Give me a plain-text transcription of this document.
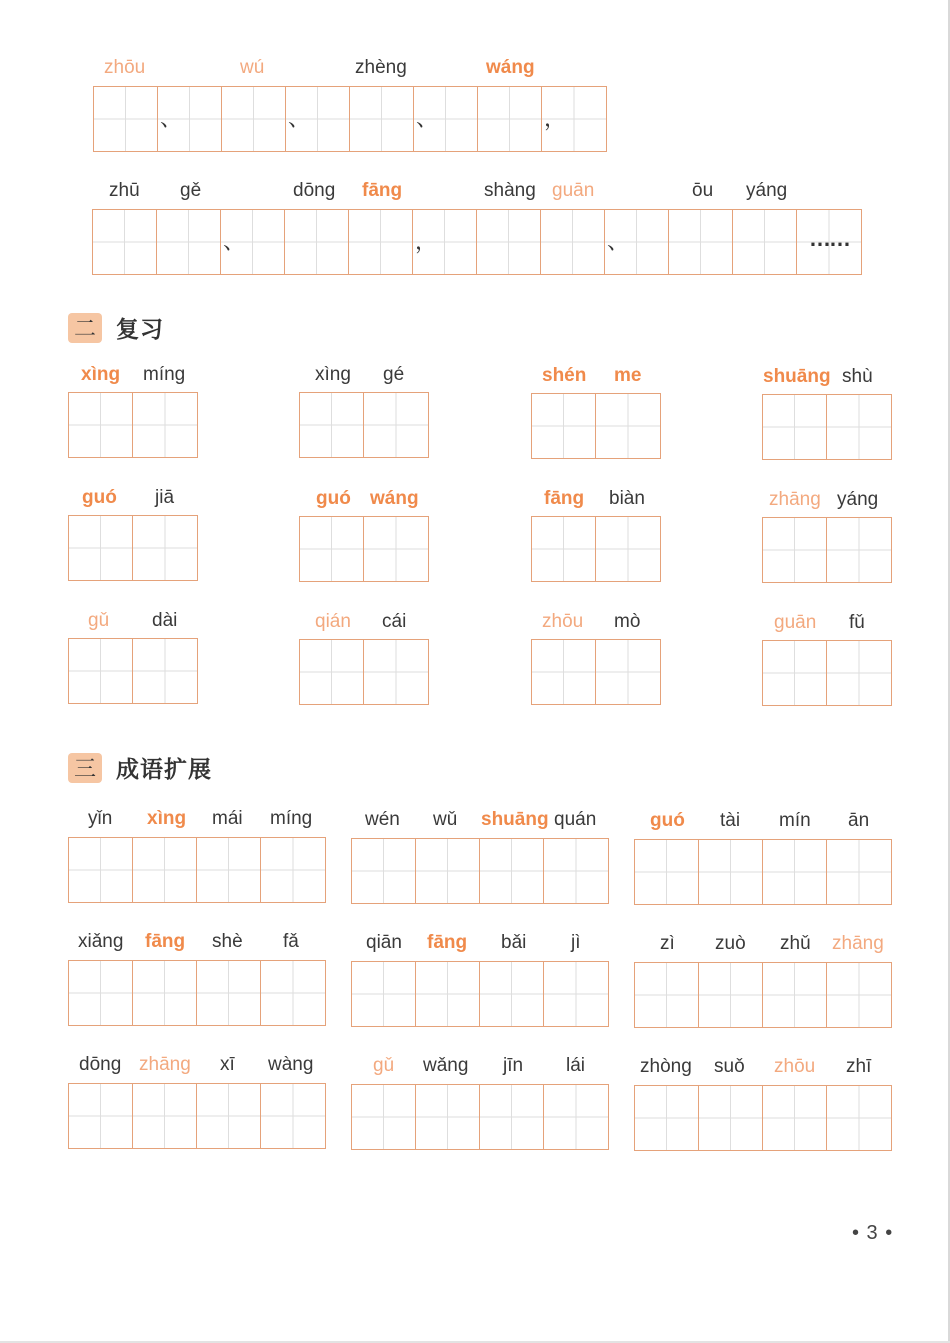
zhōu	wú	zhèng	wáng
、	、	、	，
zhū gě	dōng fāng	shàng guān	ōu yáng
、	，	、	……
二 复习
xìng míng	xìng gé	shén me	shuāng shù
guó jiā	guó wáng	fāng biàn	zhāng yáng
gǔ dài	qián cái	zhōu mò	guān fǔ
三 成语扩展
yǐn xìng mái míng	wén wǔ shuāng quán	guó tài mín ān
xiǎng fāng shè fǎ	qiān fāng bǎi jì	zì zuò zhǔ zhāng
dōng zhāng xī wàng	gǔ wǎng jīn lái	zhòng suǒ zhōu zhī
• 3 •
